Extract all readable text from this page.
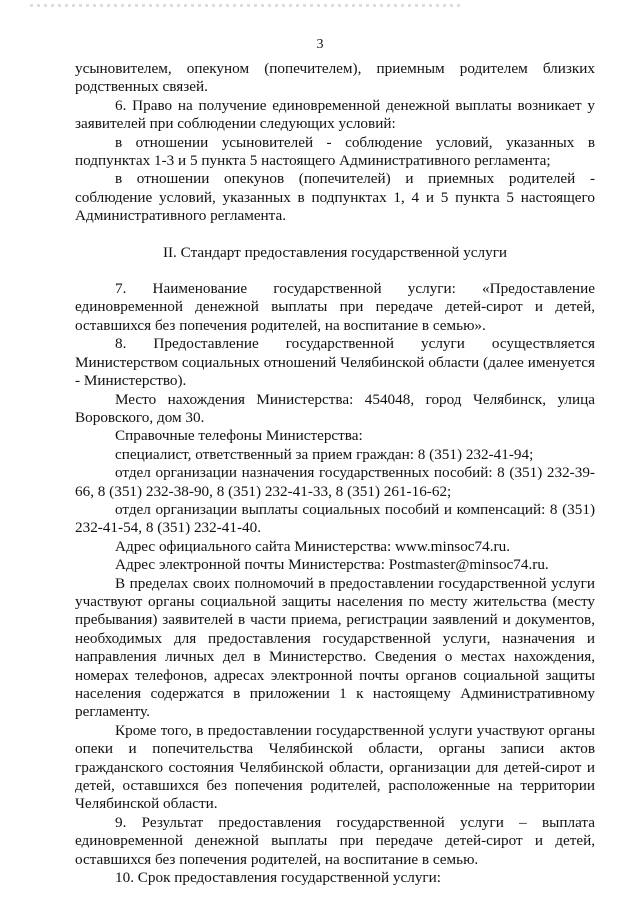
3

усыновителем, опекуном (попечителем), приемным родителем близких родственных связей.

6. Право на получение единовременной денежной выплаты возникает у заявителей при соблюдении следующих условий:

в отношении усыновителей - соблюдение условий, указанных в подпунктах 1-3 и 5 пункта 5 настоящего Административного регламента;

в отношении опекунов (попечителей) и приемных родителей - соблюдение условий, указанных в подпунктах 1, 4 и 5 пункта 5 настоящего Административного регламента.

II. Стандарт предоставления государственной услуги

7. Наименование государственной услуги: «Предоставление единовременной денежной выплаты при передаче детей-сирот и детей, оставшихся без попечения родителей, на воспитание в семью».

8. Предоставление государственной услуги осуществляется Министерством социальных отношений Челябинской области (далее именуется - Министерство).

Место нахождения Министерства: 454048, город Челябинск, улица Воровского, дом 30.

Справочные телефоны Министерства:

специалист, ответственный за прием граждан: 8 (351) 232-41-94;

отдел организации назначения государственных пособий: 8 (351) 232-39-66, 8 (351) 232-38-90, 8 (351) 232-41-33, 8 (351) 261-16-62;

отдел организации выплаты социальных пособий и компенсаций: 8 (351) 232-41-54, 8 (351) 232-41-40.

Адрес официального сайта Министерства: www.minsoc74.ru.

Адрес электронной почты Министерства: Postmaster@minsoc74.ru.

В пределах своих полномочий в предоставлении государственной услуги участвуют органы социальной защиты населения по месту жительства (месту пребывания) заявителей в части приема, регистрации заявлений и документов, необходимых для предоставления государственной услуги, назначения и направления личных дел в Министерство. Сведения о местах нахождения, номерах телефонов, адресах электронной почты органов социальной защиты населения содержатся в приложении 1 к настоящему Административному регламенту.

Кроме того, в предоставлении государственной услуги участвуют органы опеки и попечительства Челябинской области, органы записи актов гражданского состояния Челябинской области, организации для детей-сирот и детей, оставшихся без попечения родителей, расположенные на территории Челябинской области.

9. Результат предоставления государственной услуги – выплата единовременной денежной выплаты при передаче детей-сирот и детей, оставшихся без попечения родителей, на воспитание в семью.

10. Срок предоставления государственной услуги:
